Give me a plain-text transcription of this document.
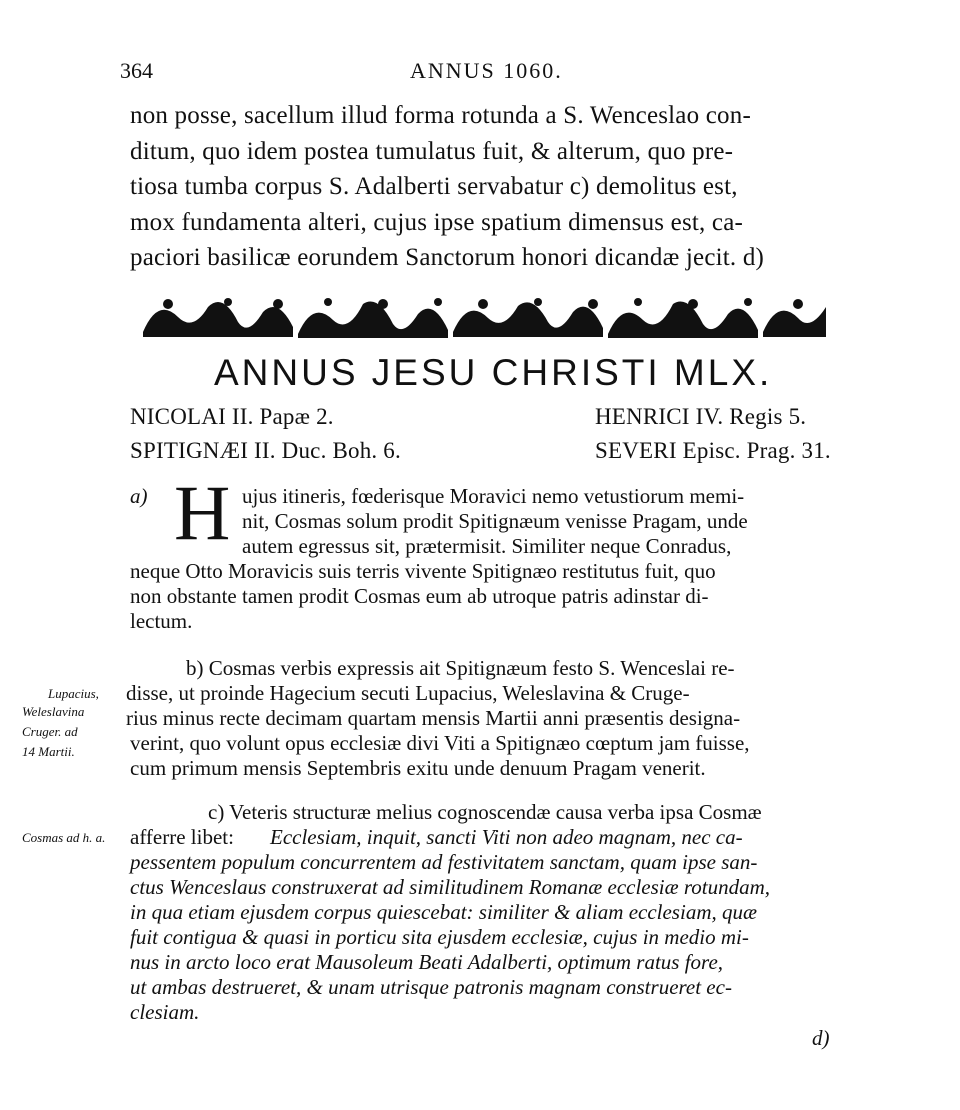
364	ANNUS 1060.
non posse, sacellum illud forma rotunda a S. Wenceslao con-
ditum, quo idem postea tumulatus fuit, & alterum, quo pre-
tiosa tumba corpus S. Adalberti servabatur c) demolitus est,
mox fundamenta alteri, cujus ipse spatium dimensus est, ca-
paciori basilicæ eorundem Sanctorum honori dicandæ jecit. d)
ANNUS JESU CHRISTI MLX.
NICOLAI II. Papæ 2.	HENRICI IV. Regis 5.
SPITIGNÆI II. Duc. Boh. 6.	SEVERI Episc. Prag. 31.
a) H ujus itineris, fœderisque Moravici nemo vetustiorum memi-
nit, Cosmas solum prodit Spitignæum venisse Pragam, unde
autem egressus sit, prætermisit. Similiter neque Conradus,
neque Otto Moravicis suis terris vivente Spitignæo restitutus fuit, quo
non obstante tamen prodit Cosmas eum ab utroque patris adinstar di-
lectum.
b) Cosmas verbis expressis ait Spitignæum festo S. Wenceslai re-
disse, ut proinde Hagecium secuti Lupacius, Weleslavina & Cruge-
rius minus recte decimam quartam mensis Martii anni præsentis designa-
verint, quo volunt opus ecclesiæ divi Viti a Spitignæo cœptum jam fuisse,
cum primum mensis Septembris exitu unde denuum Pragam venerit.
Lupacius,
Weleslavina
Cruger. ad
14 Martii.
c) Veteris structuræ melius cognoscendæ causa verba ipsa Cosmæ
afferre libet: Ecclesiam, inquit, sancti Viti non adeo magnam, nec ca-
pessentem populum concurrentem ad festivitatem sanctam, quam ipse san-
ctus Wenceslaus construxerat ad similitudinem Romanæ ecclesiæ rotundam,
in qua etiam ejusdem corpus quiescebat: similiter & aliam ecclesiam, quæ
fuit contigua & quasi in porticu sita ejusdem ecclesiæ, cujus in medio mi-
nus in arcto loco erat Mausoleum Beati Adalberti, optimum ratus fore,
ut ambas destrueret, & unam utrisque patronis magnam construeret ec-
clesiam.
Cosmas ad h. a.
d)
